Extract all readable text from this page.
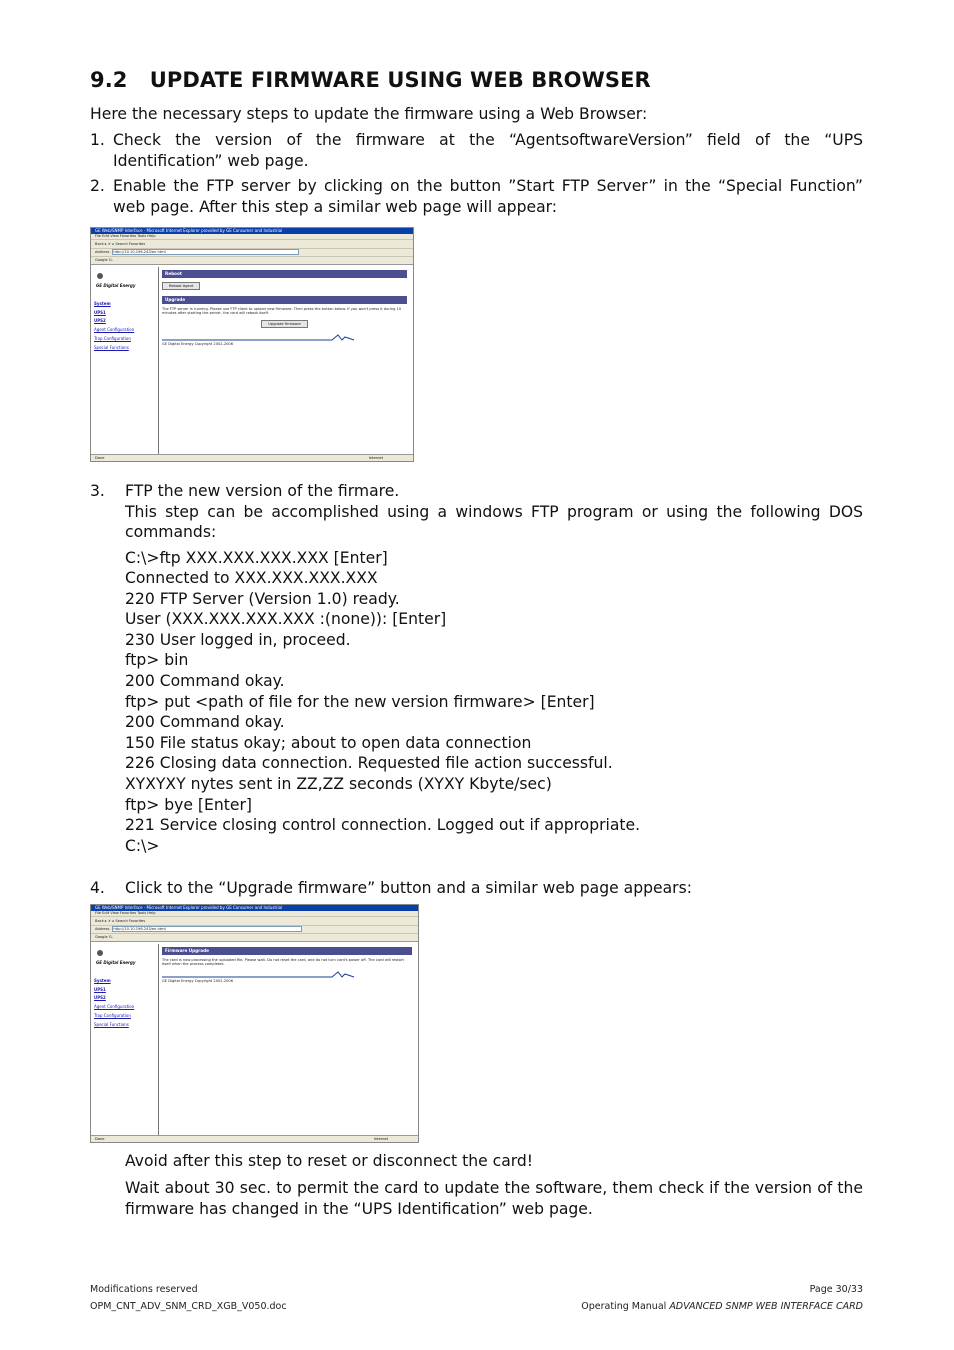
9.2   UPDATE FIRMWARE USING WEB BROWSER
Here the necessary steps to update the firmware using a Web Browser:
1. Check the version of the firmware at the “AgentsoftwareVersion” field of the “UPS Identification” web page.
2. Enable the FTP server by clicking on the button ”Start FTP Server” in the “Special Function” web page. After this step a similar web page will appear:
GE Web/SNMP Interface - Microsoft Internet Explorer provided by GE Consumer and Industrial
File Edit View Favorites Tools Help
Back ▸ ✕ ⌂ Search Favorites
Address http://10.10.196.243/en.html
Google G-
GE Digital Energy
System
UPS1
UPS2
Agent Configuration
Trap Configuration
Special Functions
Reboot
Reboot Agent
Upgrade
The FTP server is running. Please use FTP client to upload new firmware. Then press the button below. If you won't press it during 10 minutes after starting the server, the card will reboot itself.
Upgrade firmware
GE Digital Energy Copyright 2002-2006
Done	Internet
3. FTP the new version of the firmare.
This step can be accomplished using a windows FTP program or using the following DOS commands:
C:\>ftp XXX.XXX.XXX.XXX [Enter]
Connected to XXX.XXX.XXX.XXX
220 FTP Server (Version 1.0) ready.
User (XXX.XXX.XXX.XXX :(none)): [Enter]
230 User logged in, proceed.
ftp> bin
200 Command okay.
ftp> put <path of file for the new version firmware> [Enter]
200 Command okay.
150 File status okay; about to open data connection
226 Closing data connection. Requested file action successful.
XYXYXY nytes sent in ZZ,ZZ seconds (XYXY Kbyte/sec)
ftp> bye [Enter]
221 Service closing control connection. Logged out if appropriate.
C:\>
4. Click to the “Upgrade firmware” button and a similar web page appears:
GE Web/SNMP Interface - Microsoft Internet Explorer provided by GE Consumer and Industrial
File Edit View Favorites Tools Help
Back ▸ ✕ ⌂ Search Favorites
Address http://10.10.196.243/en.html
Google G-
GE Digital Energy
System
UPS1
UPS2
Agent Configuration
Trap Configuration
Special Functions
Firmware Upgrade
The card is now processing the uploaded file. Please wait. Do not reset the card, and do not turn card's power off. The card will restart itself when the process completes.
GE Digital Energy Copyright 2002-2006
Done	Internet
Avoid after this step to reset or disconnect the card!
Wait about 30 sec. to permit the card to update the software, them check if the version of the firmware has changed in the “UPS Identification” web page.
Modifications reserved
OPM_CNT_ADV_SNM_CRD_XGB_V050.doc
Page 30/33
Operating Manual ADVANCED SNMP WEB INTERFACE CARD
